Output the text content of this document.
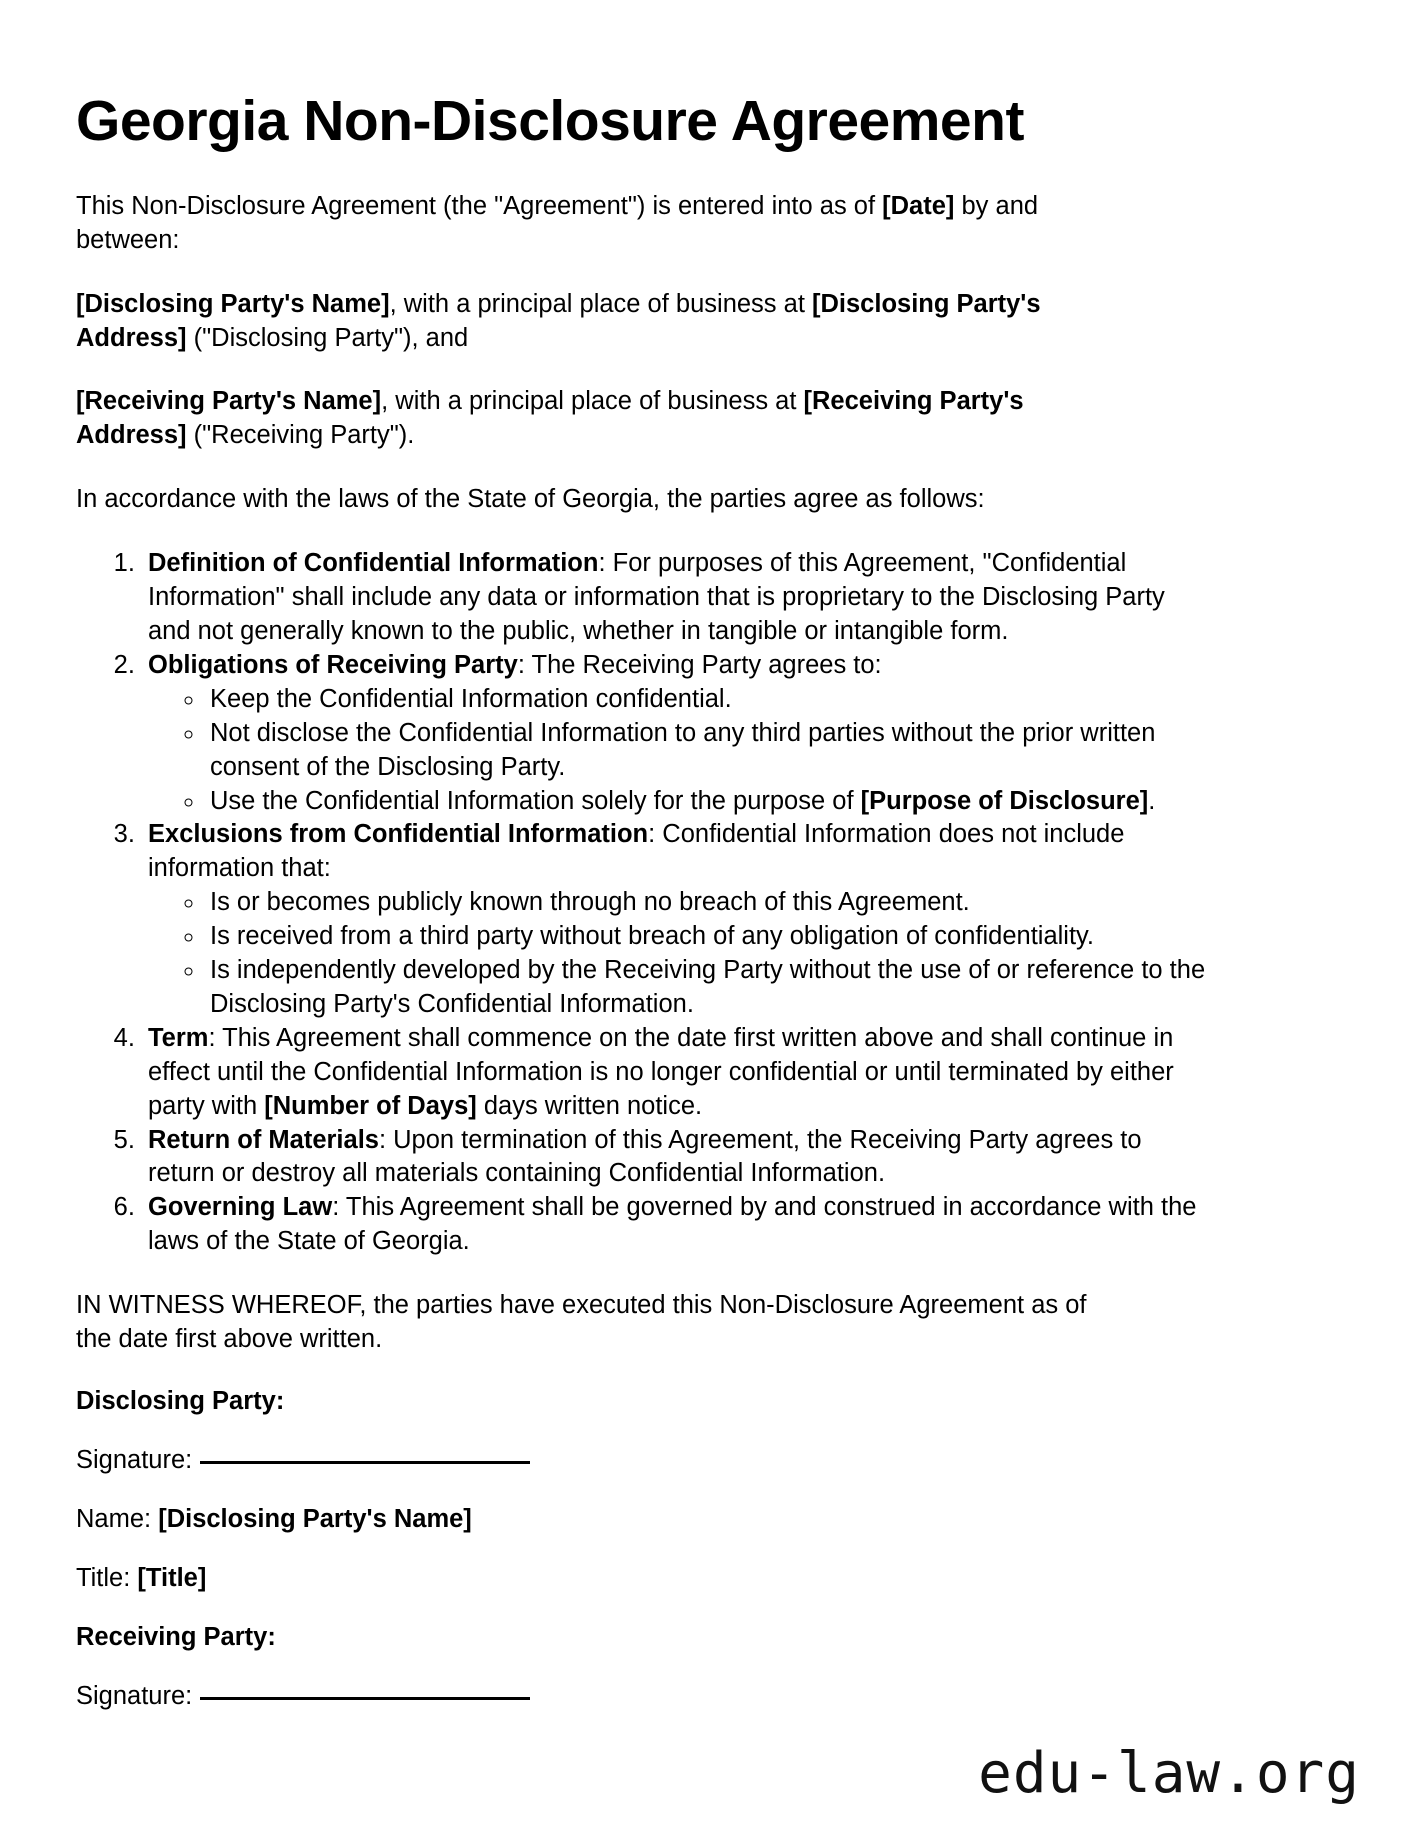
Georgia Non-Disclosure Agreement

This Non-Disclosure Agreement (the "Agreement") is entered into as of [Date] by and between:

[Disclosing Party's Name], with a principal place of business at [Disclosing Party's Address] ("Disclosing Party"), and

[Receiving Party's Name], with a principal place of business at [Receiving Party's Address] ("Receiving Party").

In accordance with the laws of the State of Georgia, the parties agree as follows:

1. Definition of Confidential Information: For purposes of this Agreement, "Confidential Information" shall include any data or information that is proprietary to the Disclosing Party and not generally known to the public, whether in tangible or intangible form.
2. Obligations of Receiving Party: The Receiving Party agrees to:
◦ Keep the Confidential Information confidential.
◦ Not disclose the Confidential Information to any third parties without the prior written consent of the Disclosing Party.
◦ Use the Confidential Information solely for the purpose of [Purpose of Disclosure].
3. Exclusions from Confidential Information: Confidential Information does not include information that:
◦ Is or becomes publicly known through no breach of this Agreement.
◦ Is received from a third party without breach of any obligation of confidentiality.
◦ Is independently developed by the Receiving Party without the use of or reference to the Disclosing Party's Confidential Information.
4. Term: This Agreement shall commence on the date first written above and shall continue in effect until the Confidential Information is no longer confidential or until terminated by either party with [Number of Days] days written notice.
5. Return of Materials: Upon termination of this Agreement, the Receiving Party agrees to return or destroy all materials containing Confidential Information.
6. Governing Law: This Agreement shall be governed by and construed in accordance with the laws of the State of Georgia.

IN WITNESS WHEREOF, the parties have executed this Non-Disclosure Agreement as of the date first above written.

Disclosing Party:
Signature:
Name: [Disclosing Party's Name]
Title: [Title]
Receiving Party:
Signature:
edu-law.org
